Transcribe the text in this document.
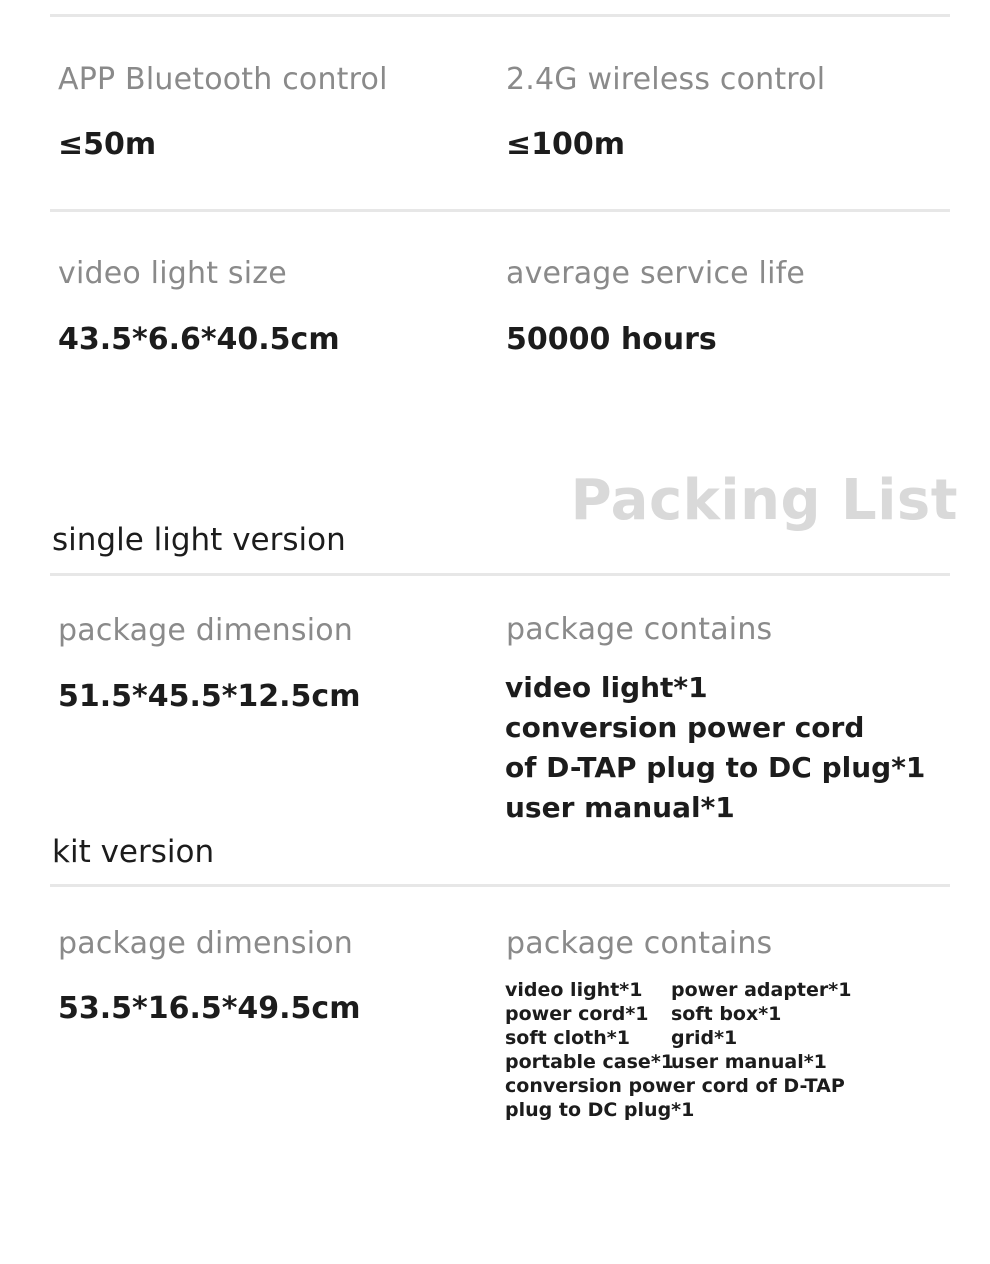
APP Bluetooth control
≤50m
2.4G wireless control
≤100m
video light size
43.5*6.6*40.5cm
average service life
50000 hours
Packing List
single light version
package dimension
51.5*45.5*12.5cm
package contains
video light*1
conversion power cord
of D-TAP plug to DC plug*1
user manual*1
kit version
package dimension
53.5*16.5*49.5cm
package contains
video light*1 power adapter*1
power cord*1 soft box*1
soft cloth*1 grid*1
portable case*1
user manual*1
conversion power cord of D-TAP
plug to DC plug*1
